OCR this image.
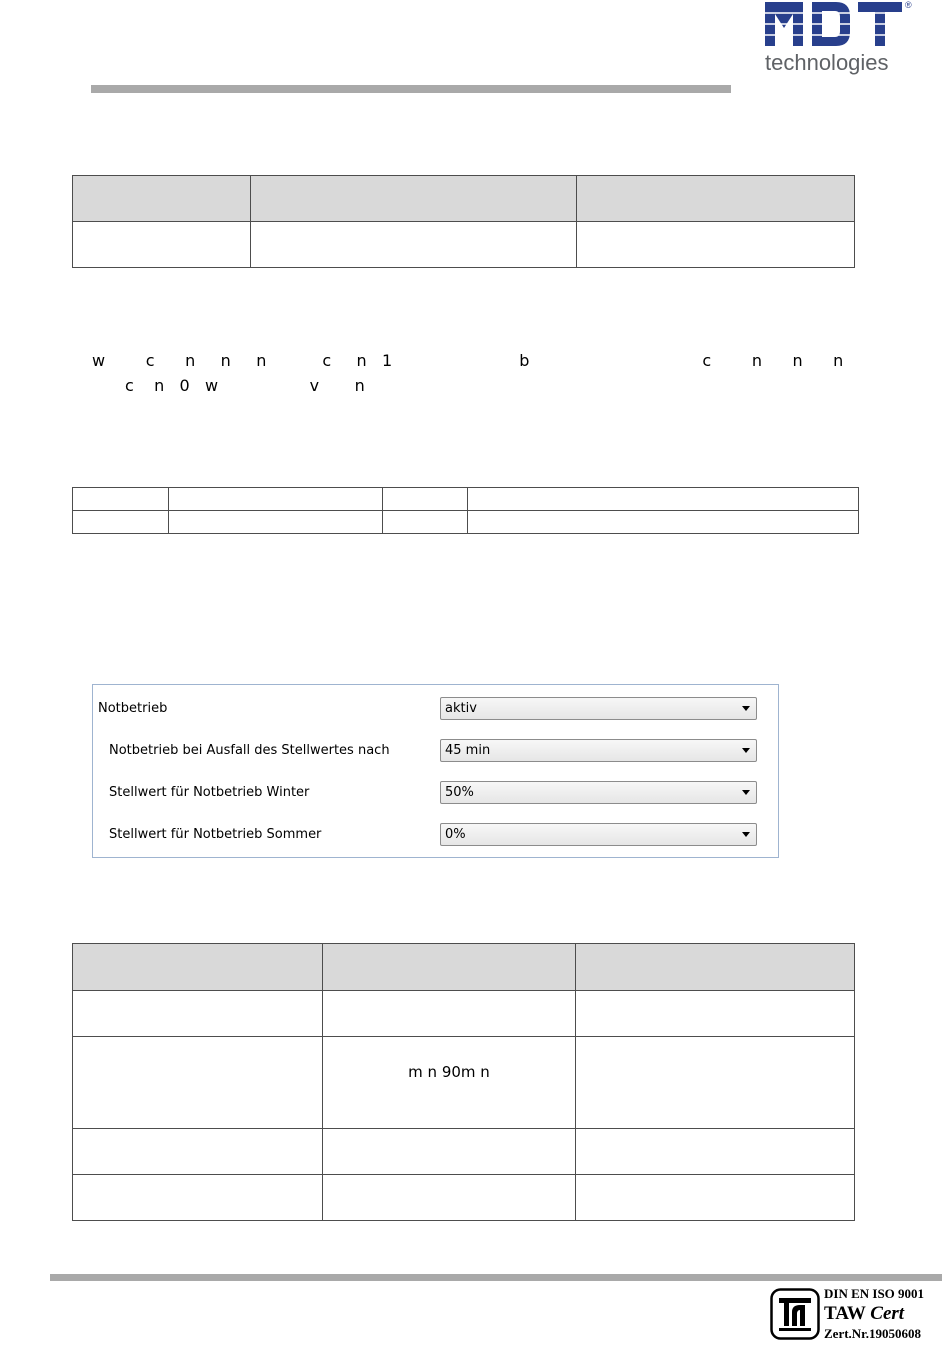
®
technologies

w        c      n     n     n           c     n   1                         b                                  c        n      n      n
c    n   0   w                  v       n

Notbetrieb	aktiv
Notbetrieb bei Ausfall des Stellwertes nach	45 min
Stellwert für Notbetrieb Winter	50%
Stellwert für Notbetrieb Sommer	0%

	m n 90m n	

DIN EN ISO 9001
TAW Cert
Zert.Nr.19050608
